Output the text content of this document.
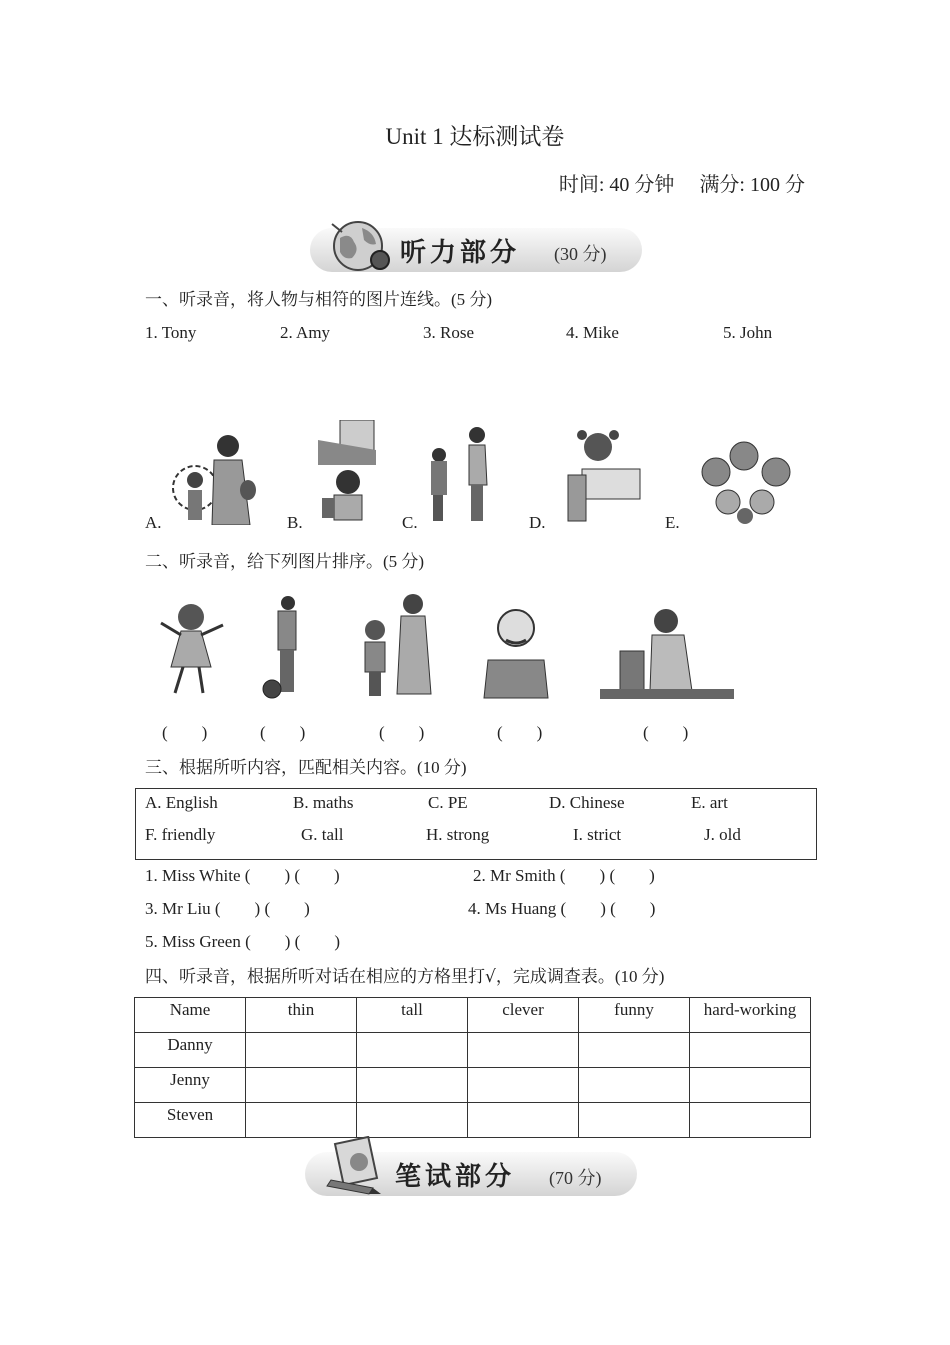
Unit 1 达标测试卷
时间: 40 分钟 满分: 100 分
听力部分 (30 分)
一、听录音，将人物与相符的图片连线。(5 分)
1. Tony	2. Amy	3. Rose	4. Mike	5. John
A.	B.	C.	D.	E.
二、听录音，给下列图片排序。(5 分)
(　　)	(　　)	(　　)	(　　)	(　　)
三、根据所听内容，匹配相关内容。(10 分)
A. English	B. maths	C. PE	D. Chinese	E. art
F. friendly	G. tall	H. strong	I. strict	J. old
1. Miss White (　　) (　　)	2. Mr Smith (　　) (　　)
3. Mr Liu (　　) (　　)	4. Ms Huang (　　) (　　)
5. Miss Green (　　) (　　)
四、听录音，根据所听对话在相应的方格里打√，完成调查表。(10 分)
Name	thin	tall	clever	funny	hard-working
Danny					
Jenny					
Steven					
笔试部分 (70 分)
